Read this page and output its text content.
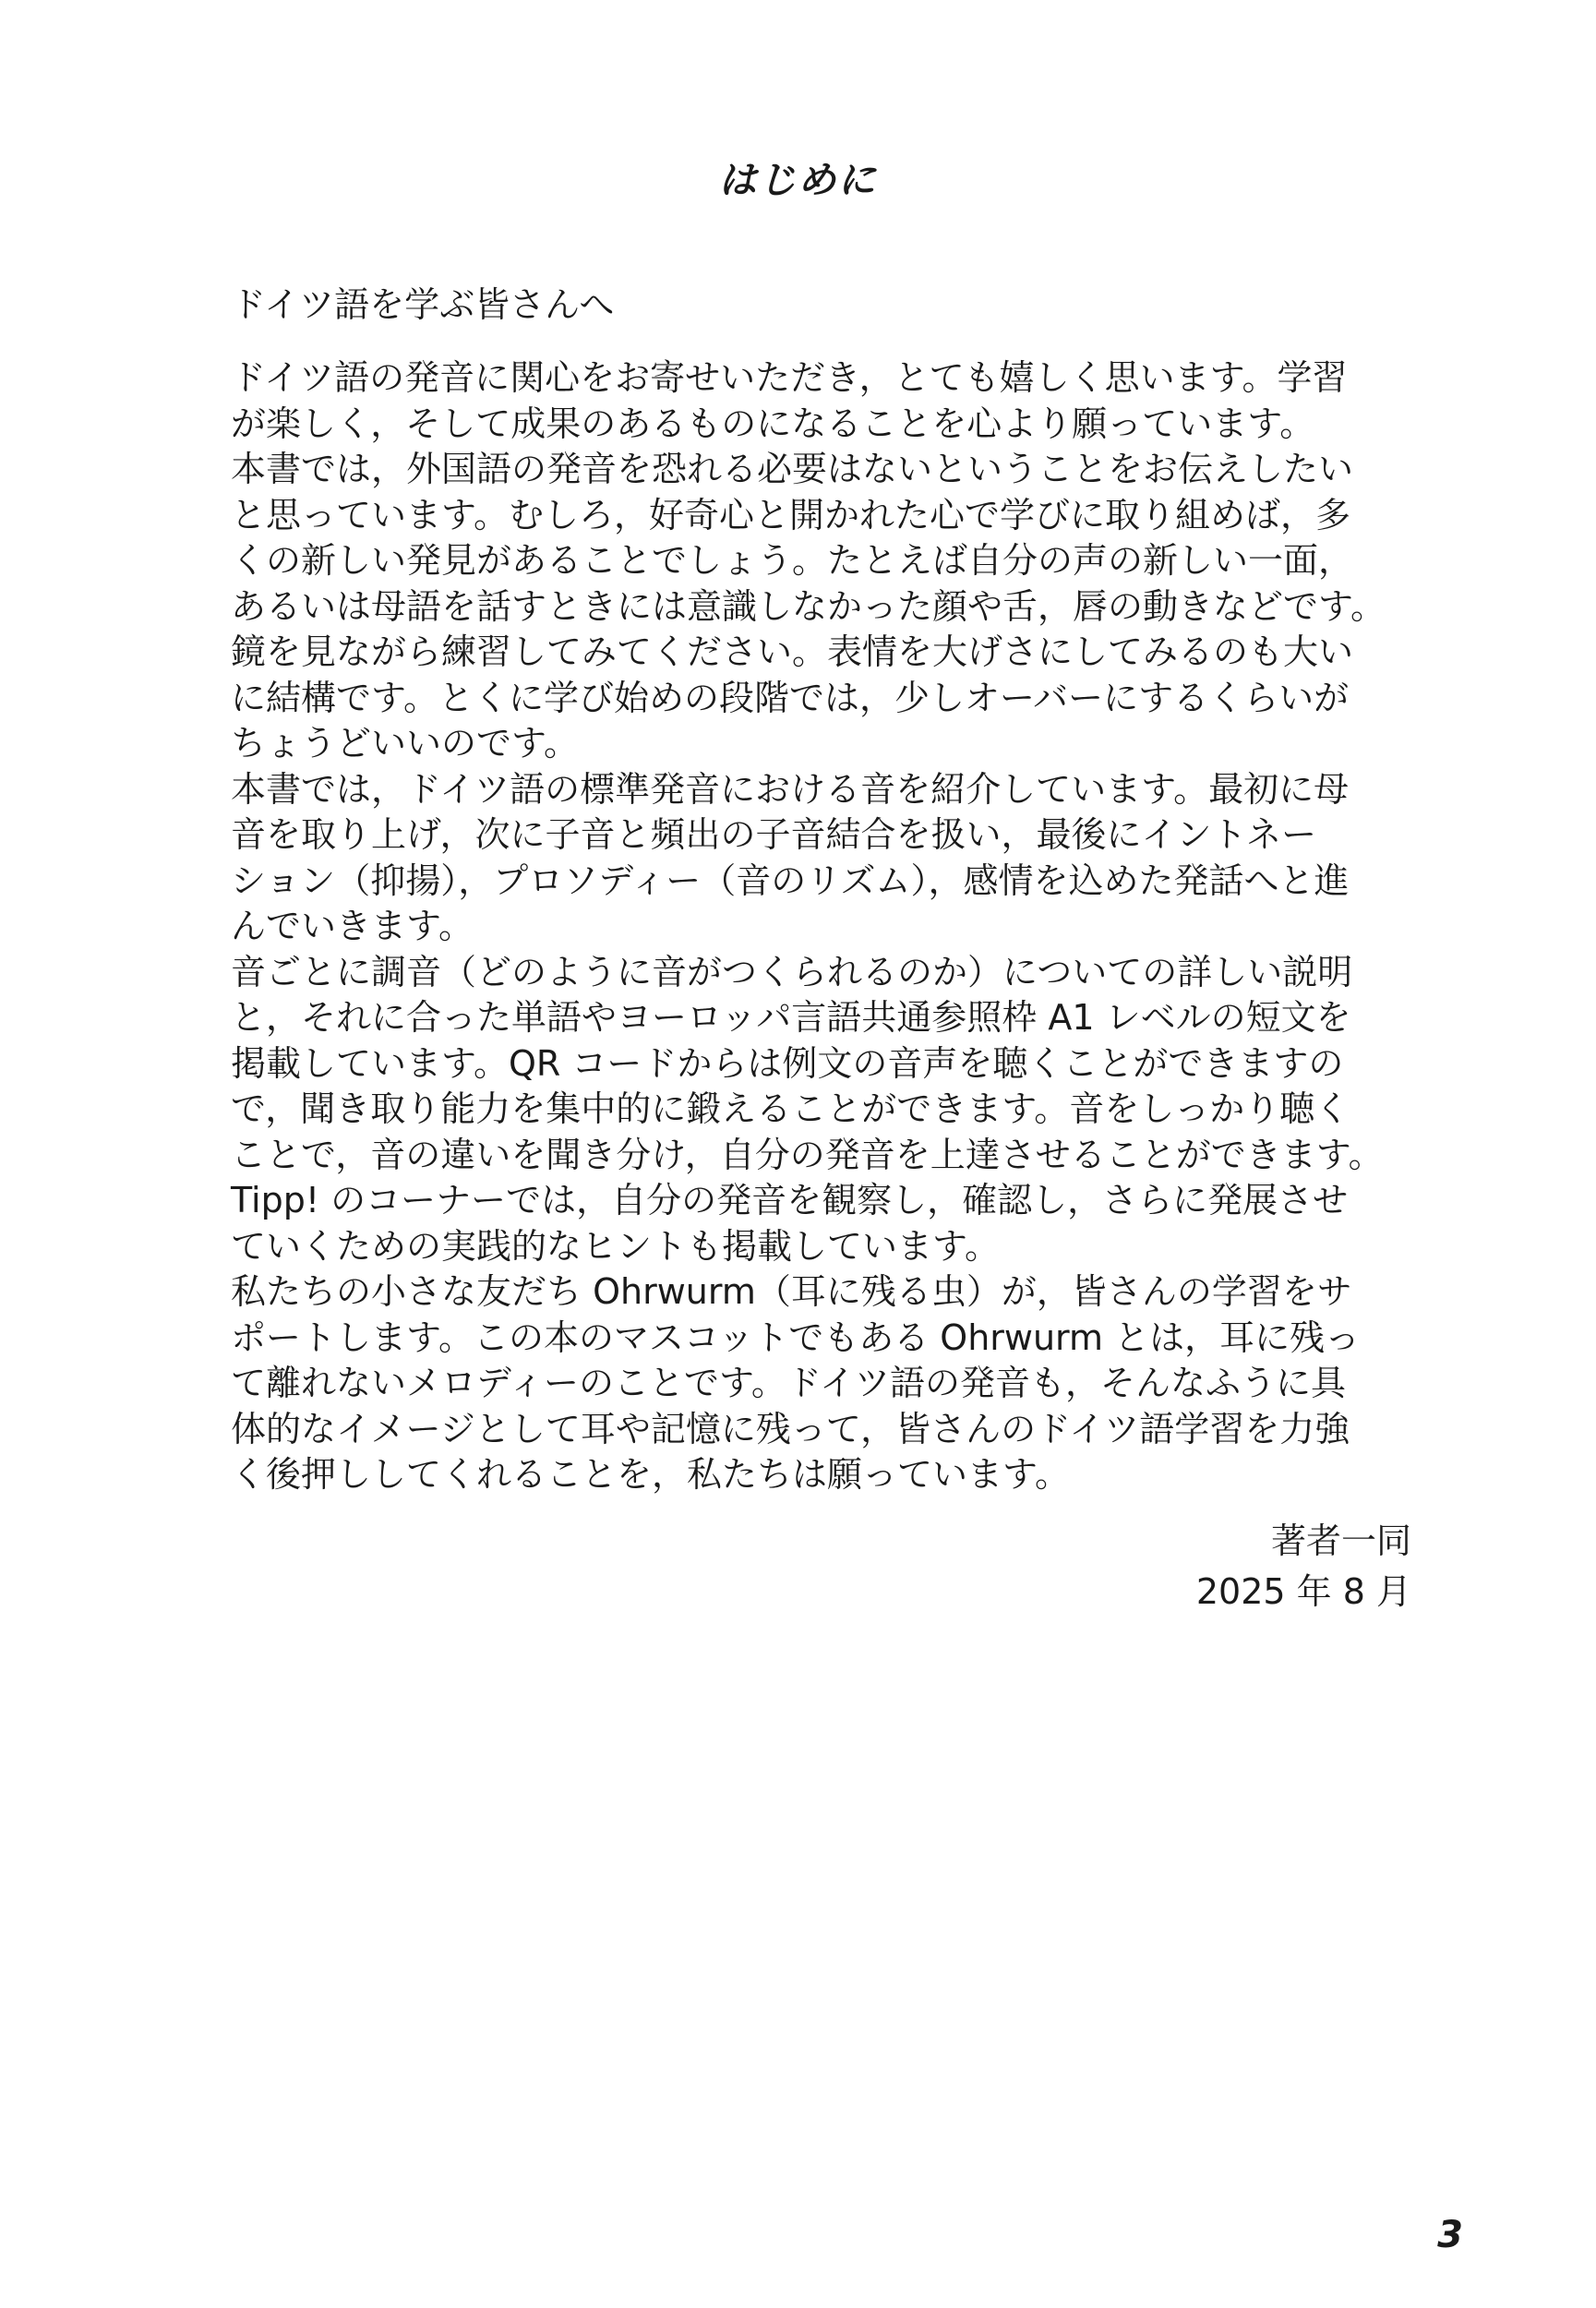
はじめに
ドイツ語を学ぶ皆さんへ
ドイツ語の発音に関心をお寄せいただき，とても嬉しく思います。学習
が楽しく，そして成果のあるものになることを心より願っています。
本書では，外国語の発音を恐れる必要はないということをお伝えしたい
と思っています。むしろ，好奇心と開かれた心で学びに取り組めば，多
くの新しい発見があることでしょう。たとえば自分の声の新しい一面，
あるいは母語を話すときには意識しなかった顔や舌，唇の動きなどです。
鏡を見ながら練習してみてください。表情を大げさにしてみるのも大い
に結構です。とくに学び始めの段階では，少しオーバーにするくらいが
ちょうどいいのです。
本書では，ドイツ語の標準発音における音を紹介しています。最初に母
音を取り上げ，次に子音と頻出の子音結合を扱い，最後にイントネー
ション（抑揚），プロソディー（音のリズム），感情を込めた発話へと進
んでいきます。
音ごとに調音（どのように音がつくられるのか）についての詳しい説明
と，それに合った単語やヨーロッパ言語共通参照枠 A1 レベルの短文を
掲載しています。QR コードからは例文の音声を聴くことができますの
で，聞き取り能力を集中的に鍛えることができます。音をしっかり聴く
ことで，音の違いを聞き分け，自分の発音を上達させることができます。
Tipp! のコーナーでは，自分の発音を観察し，確認し，さらに発展させ
ていくための実践的なヒントも掲載しています。
私たちの小さな友だち Ohrwurm（耳に残る虫）が，皆さんの学習をサ
ポートします。この本のマスコットでもある Ohrwurm とは，耳に残っ
て離れないメロディーのことです。ドイツ語の発音も，そんなふうに具
体的なイメージとして耳や記憶に残って，皆さんのドイツ語学習を力強
く後押ししてくれることを，私たちは願っています。
著者一同
2025 年 8 月

3
